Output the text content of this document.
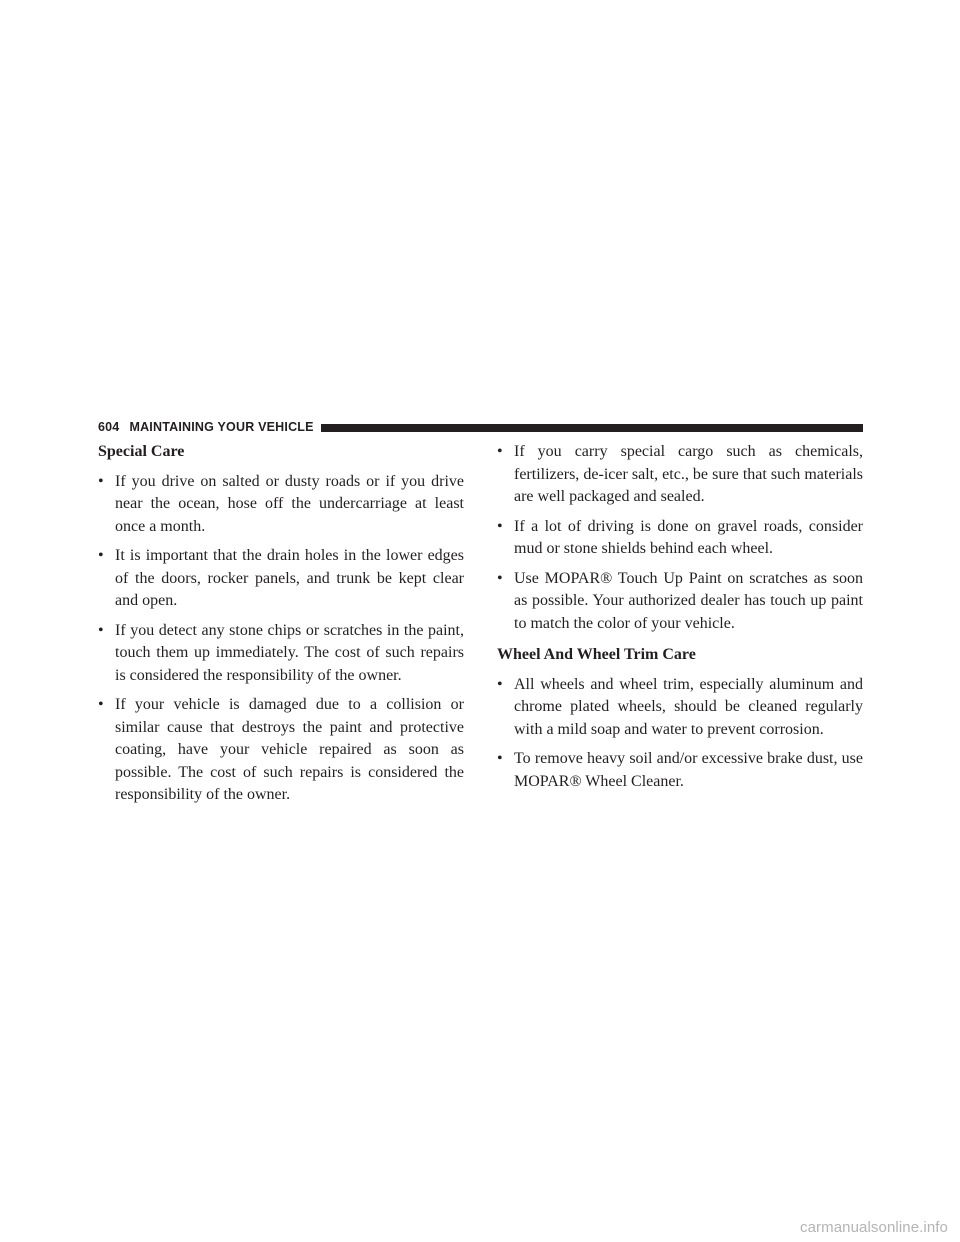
604 MAINTAINING YOUR VEHICLE
Special Care
• If you drive on salted or dusty roads or if you drive near the ocean, hose off the undercarriage at least once a month.
• It is important that the drain holes in the lower edges of the doors, rocker panels, and trunk be kept clear and open.
• If you detect any stone chips or scratches in the paint, touch them up immediately. The cost of such repairs is considered the responsibility of the owner.
• If your vehicle is damaged due to a collision or similar cause that destroys the paint and protective coating, have your vehicle repaired as soon as possible. The cost of such repairs is considered the responsibility of the owner.
• If you carry special cargo such as chemicals, fertilizers, de-icer salt, etc., be sure that such materials are well packaged and sealed.
• If a lot of driving is done on gravel roads, consider mud or stone shields behind each wheel.
• Use MOPAR® Touch Up Paint on scratches as soon as possible. Your authorized dealer has touch up paint to match the color of your vehicle.
Wheel And Wheel Trim Care
• All wheels and wheel trim, especially aluminum and chrome plated wheels, should be cleaned regularly with a mild soap and water to prevent corrosion.
• To remove heavy soil and/or excessive brake dust, use MOPAR® Wheel Cleaner.
carmanualsonline.info
